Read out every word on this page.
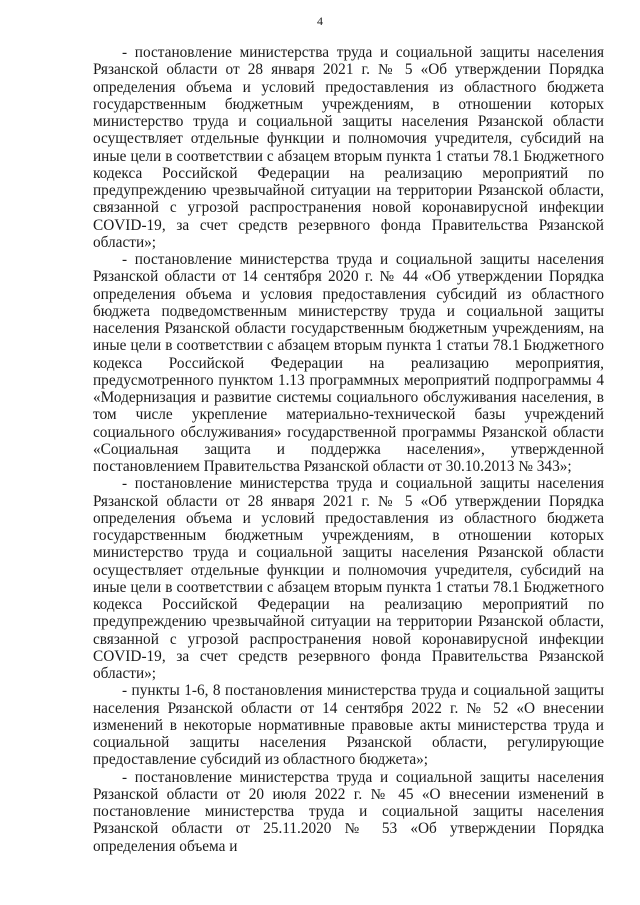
4

- постановление министерства труда и социальной защиты населения Рязанской области от 28 января 2021 г. № 5 «Об утверждении Порядка определения объема и условий предоставления из областного бюджета государственным бюджетным учреждениям, в отношении которых министерство труда и социальной защиты населения Рязанской области осуществляет отдельные функции и полномочия учредителя, субсидий на иные цели в соответствии с абзацем вторым пункта 1 статьи 78.1 Бюджетного кодекса Российской Федерации на реализацию мероприятий по предупреждению чрезвычайной ситуации на территории Рязанской области, связанной с угрозой распространения новой коронавирусной инфекции COVID-19, за счет средств резервного фонда Правительства Рязанской области»;

- постановление министерства труда и социальной защиты населения Рязанской области от 14 сентября 2020 г. № 44 «Об утверждении Порядка определения объема и условия предоставления субсидий из областного бюджета подведомственным министерству труда и социальной защиты населения Рязанской области государственным бюджетным учреждениям, на иные цели в соответствии с абзацем вторым пункта 1 статьи 78.1 Бюджетного кодекса Российской Федерации на реализацию мероприятия, предусмотренного пунктом 1.13 программных мероприятий подпрограммы 4 «Модернизация и развитие системы социального обслуживания населения, в том числе укрепление материально-технической базы учреждений социального обслуживания» государственной программы Рязанской области «Социальная защита и поддержка населения», утвержденной постановлением Правительства Рязанской области от 30.10.2013 № 343»;

- постановление министерства труда и социальной защиты населения Рязанской области от 28 января 2021 г. № 5 «Об утверждении Порядка определения объема и условий предоставления из областного бюджета государственным бюджетным учреждениям, в отношении которых министерство труда и социальной защиты населения Рязанской области осуществляет отдельные функции и полномочия учредителя, субсидий на иные цели в соответствии с абзацем вторым пункта 1 статьи 78.1 Бюджетного кодекса Российской Федерации на реализацию мероприятий по предупреждению чрезвычайной ситуации на территории Рязанской области, связанной с угрозой распространения новой коронавирусной инфекции COVID-19, за счет средств резервного фонда Правительства Рязанской области»;

- пункты 1-6, 8 постановления министерства труда и социальной защиты населения Рязанской области от 14 сентября 2022 г. № 52 «О внесении изменений в некоторые нормативные правовые акты министерства труда и социальной защиты населения Рязанской области, регулирующие предоставление субсидий из областного бюджета»;

- постановление министерства труда и социальной защиты населения Рязанской области от 20 июля 2022 г. № 45 «О внесении изменений в постановление министерства труда и социальной защиты населения Рязанской области от 25.11.2020 № 53 «Об утверждении Порядка определения объема и
